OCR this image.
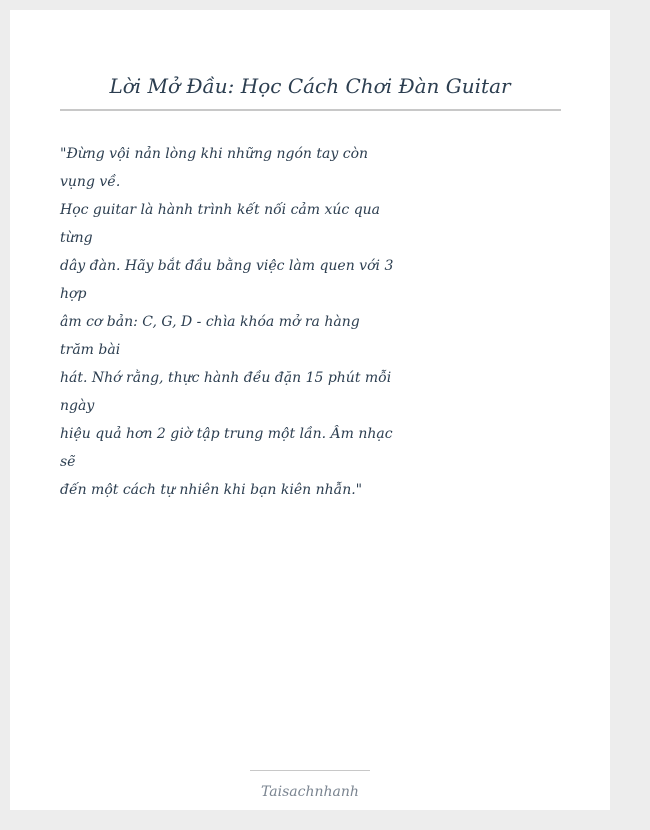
Lời Mở Đầu: Học Cách Chơi Đàn Guitar
"Đừng vội nản lòng khi những ngón tay còn
vụng về.
Học guitar là hành trình kết nối cảm xúc qua
từng
dây đàn. Hãy bắt đầu bằng việc làm quen với 3
hợp
âm cơ bản: C, G, D - chìa khóa mở ra hàng
trăm bài
hát. Nhớ rằng, thực hành đều đặn 15 phút mỗi
ngày
hiệu quả hơn 2 giờ tập trung một lần. Âm nhạc
sẽ
đến một cách tự nhiên khi bạn kiên nhẫn."
Taisachnhanh
